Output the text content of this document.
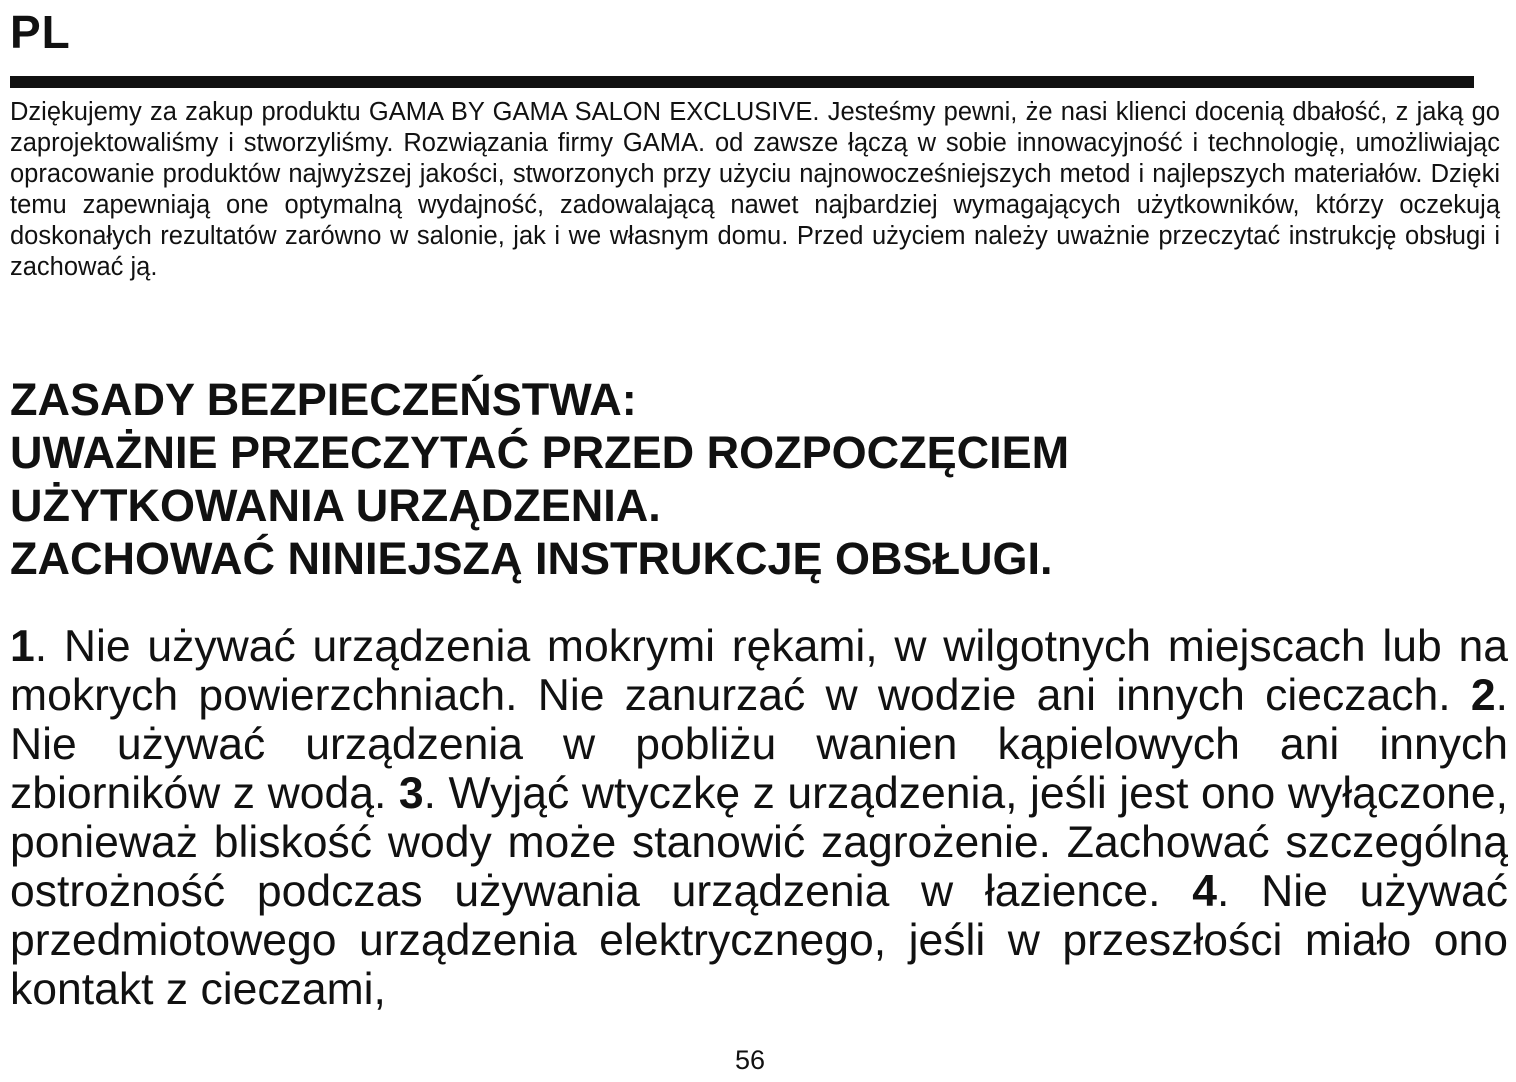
PL

Dziękujemy za zakup produktu GAMA BY GAMA SALON EXCLUSIVE. Jesteśmy pewni, że nasi klienci docenią dbałość, z jaką go zaprojektowaliśmy i stworzyliśmy. Rozwiązania firmy GAMA. od zawsze łączą w sobie innowacyjność i technologię, umożliwiając opracowanie produktów najwyższej jakości, stworzonych przy użyciu najnowocześniejszych metod i najlepszych materiałów. Dzięki temu zapewniają one optymalną wydajność, zadowalającą nawet najbardziej wymagających użytkowników, którzy oczekują doskonałych rezultatów zarówno w salonie, jak i we własnym domu. Przed użyciem należy uważnie przeczytać instrukcję obsługi i zachować ją.

ZASADY BEZPIECZEŃSTWA:
UWAŻNIE PRZECZYTAĆ PRZED ROZPOCZĘCIEM
UŻYTKOWANIA URZĄDZENIA.
ZACHOWAĆ NINIEJSZĄ INSTRUKCJĘ OBSŁUGI.

1. Nie używać urządzenia mokrymi rękami, w wilgotnych miejscach lub na mokrych powierzchniach. Nie zanurzać w wodzie ani innych cieczach. 2. Nie używać urządzenia w pobliżu wanien kąpielowych ani innych zbiorników z wodą. 3. Wyjąć wtyczkę z urządzenia, jeśli jest ono wyłączone, ponieważ bliskość wody może stanowić zagrożenie. Zachować szczególną ostrożność podczas używania urządzenia w łazience. 4. Nie używać przedmiotowego urządzenia elektrycznego, jeśli w przeszłości miało ono kontakt z cieczami,

56
